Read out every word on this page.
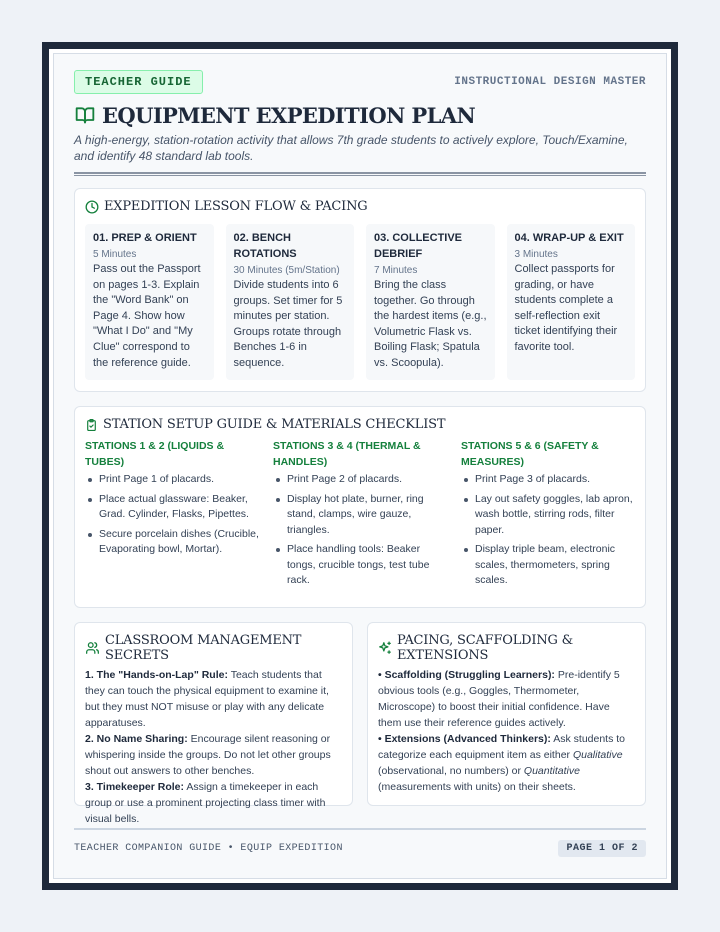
TEACHER GUIDE	INSTRUCTIONAL DESIGN MASTER
EQUIPMENT EXPEDITION PLAN

A high-energy, station-rotation activity that allows 7th grade students to actively explore, Touch/Examine, and identify 48 standard lab tools.

EXPEDITION LESSON FLOW & PACING
01. PREP & ORIENT
5 Minutes
Pass out the Passport on pages 1-3. Explain the "Word Bank" on Page 4. Show how "What I Do" and "My Clue" correspond to the reference guide.
02. BENCH ROTATIONS
30 Minutes (5m/Station)
Divide students into 6 groups. Set timer for 5 minutes per station. Groups rotate through Benches 1-6 in sequence.
03. COLLECTIVE DEBRIEF
7 Minutes
Bring the class together. Go through the hardest items (e.g., Volumetric Flask vs. Boiling Flask; Spatula vs. Scoopula).
04. WRAP-UP & EXIT
3 Minutes
Collect passports for grading, or have students complete a self-reflection exit ticket identifying their favorite tool.
STATION SETUP GUIDE & MATERIALS CHECKLIST
STATIONS 1 & 2 (LIQUIDS & TUBES)
Print Page 1 of placards.
Place actual glassware: Beaker, Grad. Cylinder, Flasks, Pipettes.
Secure porcelain dishes (Crucible, Evaporating bowl, Mortar).
STATIONS 3 & 4 (THERMAL & HANDLES)
Print Page 2 of placards.
Display hot plate, burner, ring stand, clamps, wire gauze, triangles.
Place handling tools: Beaker tongs, crucible tongs, test tube rack.
STATIONS 5 & 6 (SAFETY & MEASURES)
Print Page 3 of placards.
Lay out safety goggles, lab apron, wash bottle, stirring rods, filter paper.
Display triple beam, electronic scales, thermometers, spring scales.
CLASSROOM MANAGEMENT SECRETS

1. The "Hands-on-Lap" Rule: Teach students that they can touch the physical equipment to examine it, but they must NOT misuse or play with any delicate apparatuses.

2. No Name Sharing: Encourage silent reasoning or whispering inside the groups. Do not let other groups shout out answers to other benches.

3. Timekeeper Role: Assign a timekeeper in each group or use a prominent projecting class timer with visual bells.

PACING, SCAFFOLDING & EXTENSIONS

• Scaffolding (Struggling Learners): Pre-identify 5 obvious tools (e.g., Goggles, Thermometer, Microscope) to boost their initial confidence. Have them use their reference guides actively.

• Extensions (Advanced Thinkers): Ask students to categorize each equipment item as either Qualitative (observational, no numbers) or Quantitative (measurements with units) on their sheets.

TEACHER COMPANION GUIDE • EQUIP EXPEDITION	PAGE 1 OF 2
